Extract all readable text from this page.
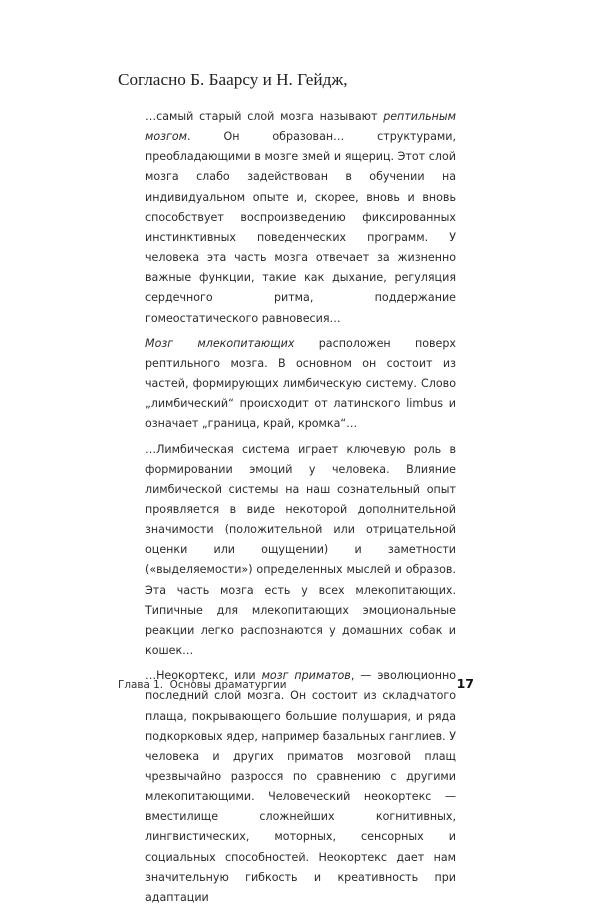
Согласно Б. Баарсу и Н. Гейдж,

…самый старый слой мозга называют рептильным мозгом. Он образован… структурами, преобладающими в мозге змей и ящериц. Этот слой мозга слабо задействован в обучении на индивидуальном опыте и, скорее, вновь и вновь способствует воспроизведению фиксированных инстинктивных поведенческих программ. У человека эта часть мозга отвечает за жизненно важные функции, такие как дыхание, регуляция сердечного ритма, поддержание гомеостатического равновесия…

Мозг млекопитающих расположен поверх рептильного мозга. В основном он состоит из частей, формирующих лимбическую систему. Слово „лимбический“ происходит от латинского limbus и означает „граница, край, кромка“…

…Лимбическая система играет ключевую роль в формировании эмоций у человека. Влияние лимбической системы на наш сознательный опыт проявляется в виде некоторой дополнительной значимости (положительной или отрицательной оценки или ощущении) и заметности («выделяемости») определенных мыслей и образов. Эта часть мозга есть у всех млекопитающих. Типичные для млекопитающих эмоциональные реакции легко распознаются у домашних собак и кошек…

…Неокортекс, или мозг приматов, — эволюционно последний слой мозга. Он состоит из складчатого плаща, покрывающего большие полушария, и ряда подкорковых ядер, например базальных ганглиев. У человека и других приматов мозговой плащ чрезвычайно разросся по сравнению с другими млекопитающими. Человеческий неокортекс — вместилище сложнейших когнитивных, лингвистических, моторных, сенсорных и социальных способностей. Неокортекс дает нам значительную гибкость и креативность при адаптации

Глава 1.  Основы драматургии	17
